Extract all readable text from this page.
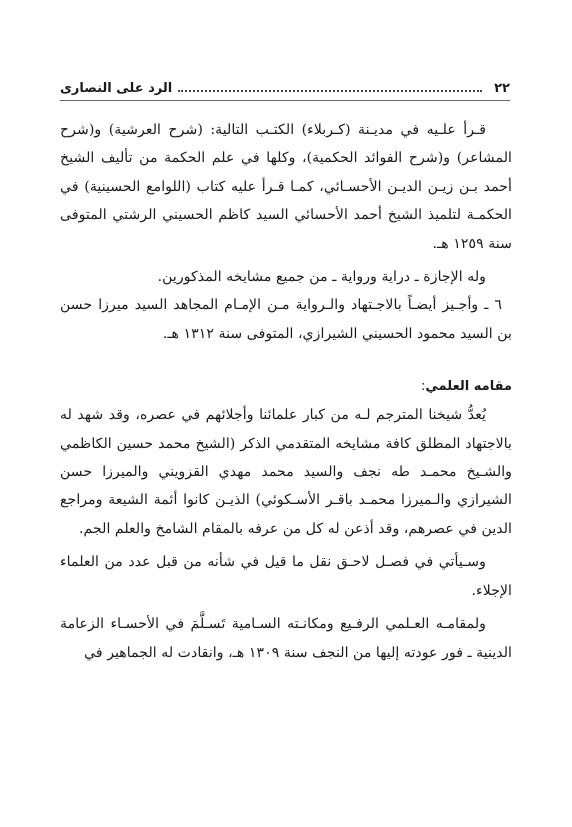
٢٢
الرد على النصارى

قـرأ علـيه في مديـنة (كـربلاء) الكتـب التالية: (شرح العرشية) و(شرح المشاعر) و(شرح الفوائد الحكمية)، وكلها في علم الحكمة من تأليف الشيخ أحمد بـن زيـن الديـن الأحسـائي، كمـا قـرأ عليه كتاب (اللوامع الحسينية) في الحكمـة لتلميذ الشيخ أحمد الأحسائي السيد كاظم الحسيني الرشتي المتوفى سنة ١٢٥٩ هـ.

وله الإجازة ـ دراية ورواية ـ من جميع مشايخه المذكورين.

٦ ـ وأجـيز أيضـاً بالاجـتهاد والـرواية مـن الإمـام المجاهد السيد ميرزا حسن بن السيد محمود الحسيني الشيرازي، المتوفى سنة ١٣١٢ هـ.

مقامه العلمي:

يُعدُّ شيخنا المترجم لـه من كبار علمائنا وأجلائهم في عصره، وقد شهد له بالاجتهاد المطلق كافة مشايخه المتقدمي الذكر (الشيخ محمد حسين الكاظمي والشـيخ محمـد طه نجف والسيد محمد مهدي القزويني والميرزا حسن الشيرازي والـميرزا محمـد باقـر الأسـكوئي) الذيـن كانوا أئمة الشيعة ومراجع الدين في عصرهم، وقد أذعن له كل من عرفه بالمقام الشامخ والعلم الجم.

وسـيأتي في فصـل لاحـق نقل ما قيل في شأنه من قبل عدد من العلماء الإجلاء.

ولمقامـه العـلمي الرفـيع ومكانـته السـامية تَسـلَّمَ في الأحسـاء الزعامة الدينية ـ فور عودته إليها من النجف سنة ١٣٠٩ هـ، وانقادت له الجماهير في
